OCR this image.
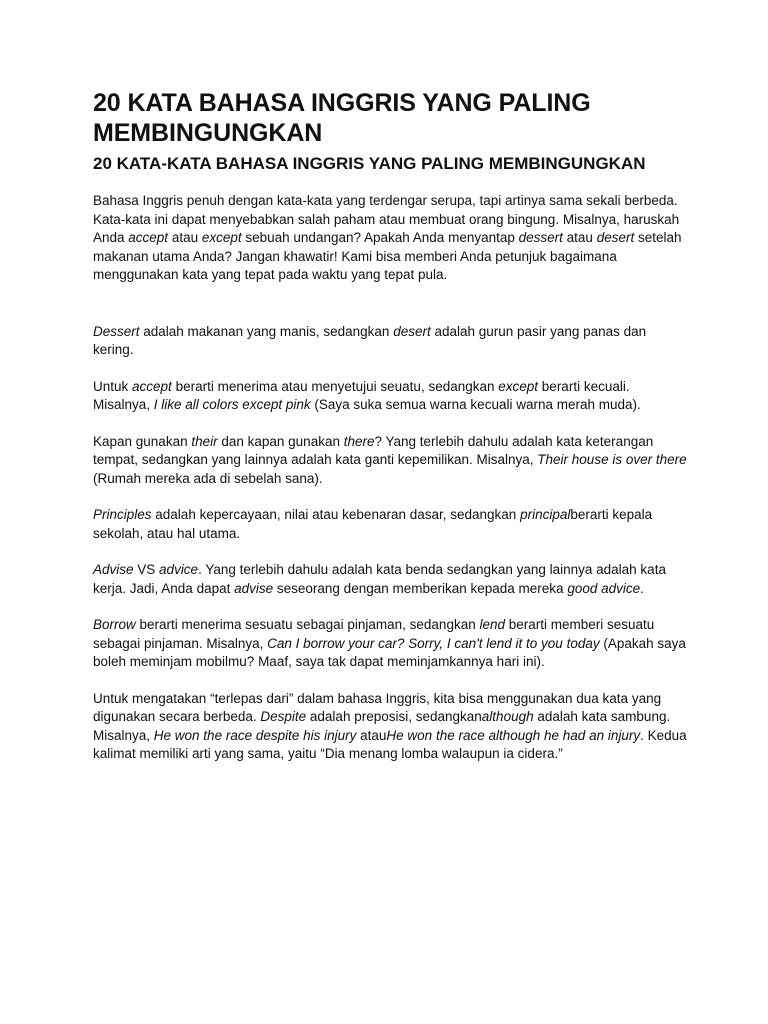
20 KATA BAHASA INGGRIS YANG PALING MEMBINGUNGKAN
20 KATA-KATA BAHASA INGGRIS YANG PALING MEMBINGUNGKAN

Bahasa Inggris penuh dengan kata-kata yang terdengar serupa, tapi artinya sama sekali berbeda. Kata-kata ini dapat menyebabkan salah paham atau membuat orang bingung. Misalnya, haruskah Anda accept atau except sebuah undangan? Apakah Anda menyantap dessert atau desert setelah makanan utama Anda? Jangan khawatir! Kami bisa memberi Anda petunjuk bagaimana menggunakan kata yang tepat pada waktu yang tepat pula.

Dessert adalah makanan yang manis, sedangkan desert adalah gurun pasir yang panas dan kering.

Untuk accept berarti menerima atau menyetujui seuatu, sedangkan except berarti kecuali. Misalnya, I like all colors except pink (Saya suka semua warna kecuali warna merah muda).

Kapan gunakan their dan kapan gunakan there? Yang terlebih dahulu adalah kata keterangan tempat, sedangkan yang lainnya adalah kata ganti kepemilikan. Misalnya, Their house is over there (Rumah mereka ada di sebelah sana).

Principles adalah kepercayaan, nilai atau kebenaran dasar, sedangkan principalberarti kepala sekolah, atau hal utama.

Advise VS advice. Yang terlebih dahulu adalah kata benda sedangkan yang lainnya adalah kata kerja. Jadi, Anda dapat advise seseorang dengan memberikan kepada mereka good advice.

Borrow berarti menerima sesuatu sebagai pinjaman, sedangkan lend berarti memberi sesuatu sebagai pinjaman. Misalnya, Can I borrow your car? Sorry, I can't lend it to you today (Apakah saya boleh meminjam mobilmu? Maaf, saya tak dapat meminjamkannya hari ini).

Untuk mengatakan “terlepas dari” dalam bahasa Inggris, kita bisa menggunakan dua kata yang digunakan secara berbeda. Despite adalah preposisi, sedangkanalthough adalah kata sambung. Misalnya, He won the race despite his injury atauHe won the race although he had an injury. Kedua kalimat memiliki arti yang sama, yaitu “Dia menang lomba walaupun ia cidera.”
